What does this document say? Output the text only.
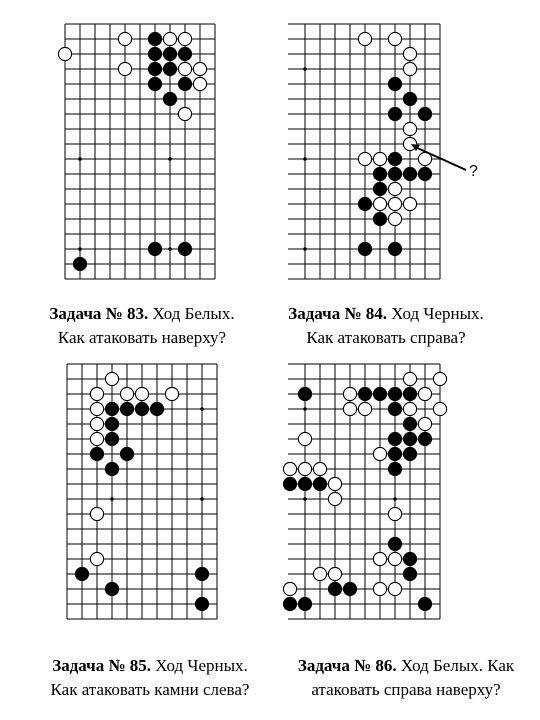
?
Задача № 83. Ход Белых.
Как атаковать наверху?
Задача № 84. Ход Черных.
Как атаковать справа?
Задача № 85. Ход Черных.
Как атаковать камни слева?
Задача № 86. Ход Белых. Как
атаковать справа наверху?
